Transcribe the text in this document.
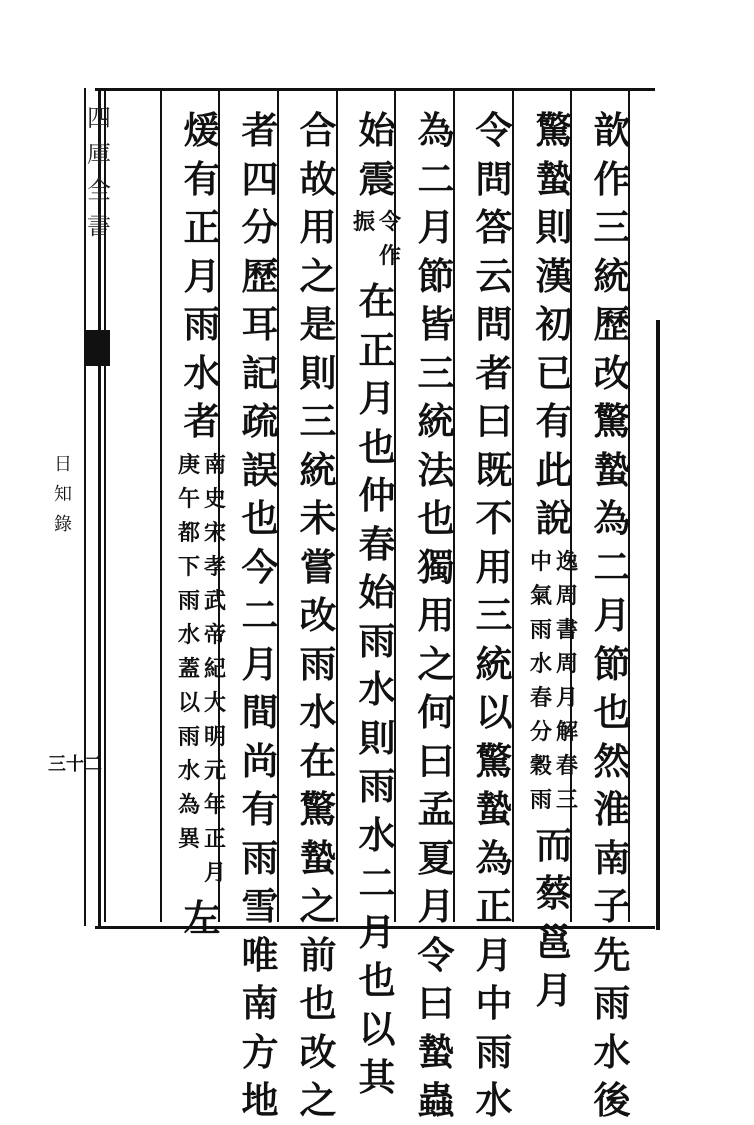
四
庫
全
書
日
知
錄
三十二
歆
作
三
統
歷
改
驚
蟄
為
二
月
節
也
然
淮
南
子
先
雨
水
後
驚
蟄
則
漢
初
已
有
此
說
逸
周
書
周
月
解
春
三
中
氣
雨
水
春
分
穀
雨
而
蔡
邕
月
令
問
答
云
問
者
曰
既
不
用
三
統
以
驚
蟄
為
正
月
中
雨
水
為
二
月
節
皆
三
統
法
也
獨
用
之
何
曰
孟
夏
月
令
曰
蟄
蟲
始
震
令
作
振
在
正
月
也
仲
春
始
雨
水
則
雨
水
二
月
也
以
其
合
故
用
之
是
則
三
統
未
嘗
改
雨
水
在
驚
蟄
之
前
也
改
之
者
四
分
歷
耳
記
疏
誤
也
今
二
月
間
尚
有
雨
雪
唯
南
方
地
煖
有
正
月
雨
水
者
南
史
宋
孝
武
帝
紀
大
明
元
年
正
月
庚
午
都
下
雨
水
蓋
以
雨
水
為
異
左
